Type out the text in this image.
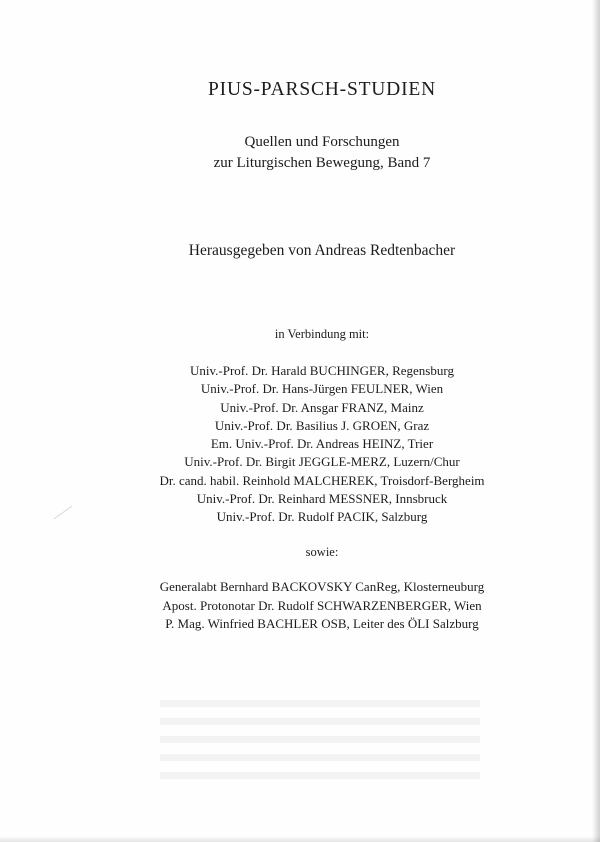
PIUS-PARSCH-STUDIEN
Quellen und Forschungen
zur Liturgischen Bewegung, Band 7
Herausgegeben von Andreas Redtenbacher
in Verbindung mit:
Univ.-Prof. Dr. Harald BUCHINGER, Regensburg
Univ.-Prof. Dr. Hans-Jürgen FEULNER, Wien
Univ.-Prof. Dr. Ansgar FRANZ, Mainz
Univ.-Prof. Dr. Basilius J. GROEN, Graz
Em. Univ.-Prof. Dr. Andreas HEINZ, Trier
Univ.-Prof. Dr. Birgit JEGGLE-MERZ, Luzern/Chur
Dr. cand. habil. Reinhold MALCHEREK, Troisdorf-Bergheim
Univ.-Prof. Dr. Reinhard MESSNER, Innsbruck
Univ.-Prof. Dr. Rudolf PACIK, Salzburg
sowie:
Generalabt Bernhard BACKOVSKY CanReg, Klosterneuburg
Apost. Protonotar Dr. Rudolf SCHWARZENBERGER, Wien
P. Mag. Winfried BACHLER OSB, Leiter des ÖLI Salzburg
